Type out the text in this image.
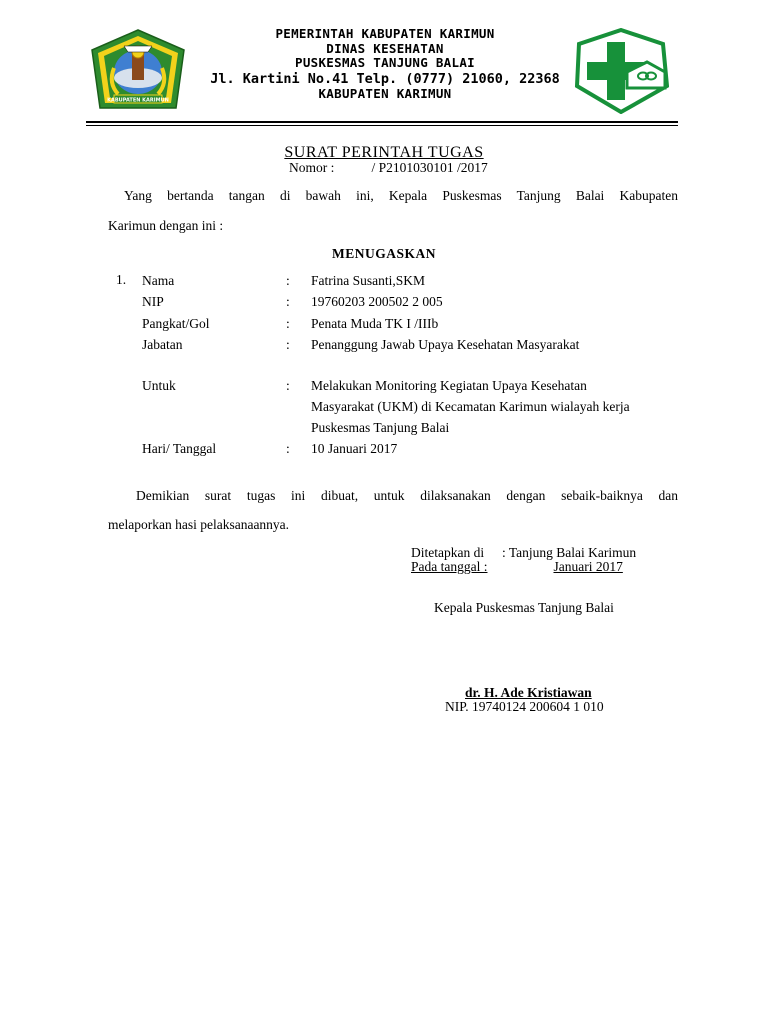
KABUPATEN KARIMUN
PEMERINTAH KABUPATEN KARIMUN
DINAS KESEHATAN
PUSKESMAS TANJUNG BALAI
Jl. Kartini No.41 Telp. (0777) 21060, 22368
KABUPATEN KARIMUN
SURAT PERINTAH TUGAS
Nomor :	/ P2101030101 /2017
Yang bertanda tangan di bawah ini, Kepala Puskesmas Tanjung Balai Kabupaten
Karimun dengan ini :
MENUGASKAN
1. Nama	: Fatrina Susanti,SKM
NIP	: 19760203 200502 2 005
Pangkat/Gol	: Penata Muda TK I /IIIb
Jabatan	: Penanggung Jawab Upaya Kesehatan Masyarakat
Untuk	: Melakukan Monitoring Kegiatan Upaya Kesehatan
Masyarakat (UKM) di Kecamatan Karimun wialayah kerja
Puskesmas Tanjung Balai
Hari/ Tanggal	: 10 Januari 2017
Demikian surat tugas ini dibuat, untuk dilaksanakan dengan sebaik-baiknya dan
melaporkan hasi pelaksanaannya.
Ditetapkan di : Tanjung Balai Karimun
Pada tanggal :	Januari 2017
Kepala Puskesmas Tanjung Balai
dr. H. Ade Kristiawan
NIP. 19740124 200604 1 010
